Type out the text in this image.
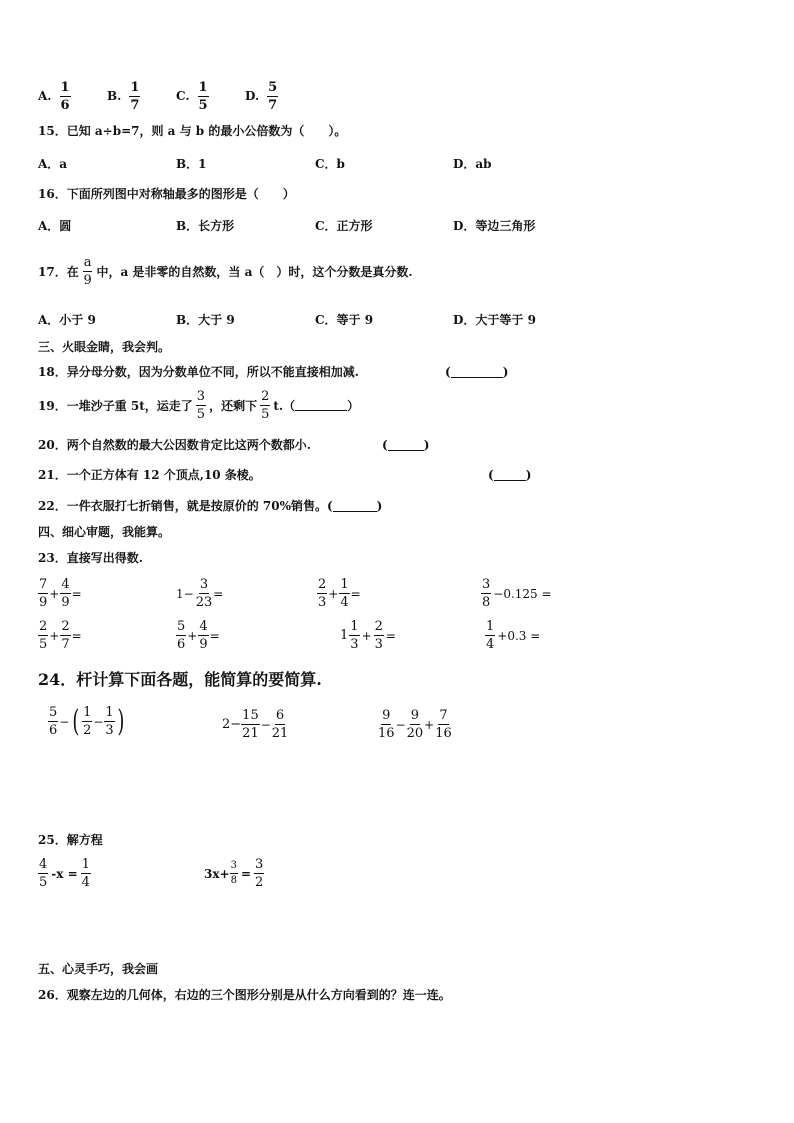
A. $\frac{1}{6}$	B. $\frac{1}{7}$	C. $\frac{1}{5}$	D. $\frac{5}{7}$
15．已知 a÷b=7，则 a 与 b 的最小公倍数为（　　）。
A．a	B．1	C．b	D．ab
16．下面所列图中对称轴最多的图形是（　　）
A．圆	B．长方形	C．正方形	D．等边三角形
17．在 $\frac{a}{9}$ 中，a 是非零的自然数，当 a（　）时，这个分数是真分数.
A．小于 9	B．大于 9	C．等于 9	D．大于等于 9
三、火眼金睛，我会判。
18．异分母分数，因为分数单位不同，所以不能直接相加减.	(	)
19．一堆沙子重 5t，运走了 $\frac{3}{5}$ ，还剩下 $\frac{2}{5} t$.（	）
20．两个自然数的最大公因数肯定比这两个数都小.	(	)
21．一个正方体有 12 个顶点,10 条棱。	(	)
22．一件衣服打七折销售，就是按原价的 70%销售。(	)
四、细心审题，我能算。
23．直接写出得数.
$\frac{7}{9} + \frac{4}{9}$ =	$1- \frac{3}{23}$ =	$\frac{2}{3} + \frac{1}{4}$ =	$\frac{3}{8} -0.125$ =
$\frac{2}{5} + \frac{2}{7}$ =	$\frac{5}{6} + \frac{4}{9}$ =	$1 \frac{1}{3} + \frac{2}{3}$ =	$\frac{1}{4} +0.3$ =
24．杆计算下面各题，能简算的要简算.
$\frac{5}{6}$ − ( $\frac{1}{2} - \frac{1}{3}$ )	$2- \frac{15}{21} - \frac{6}{21}$	$\frac{9}{16} - \frac{9}{20} + \frac{7}{16}$
25．解方程
$\frac{4}{5} -x = \frac{1}{4}$	$3x+ \frac{3}{8} = \frac{3}{2}$
五、心灵手巧，我会画
26．观察左边的几何体，右边的三个图形分别是从什么方向看到的？连一连。
